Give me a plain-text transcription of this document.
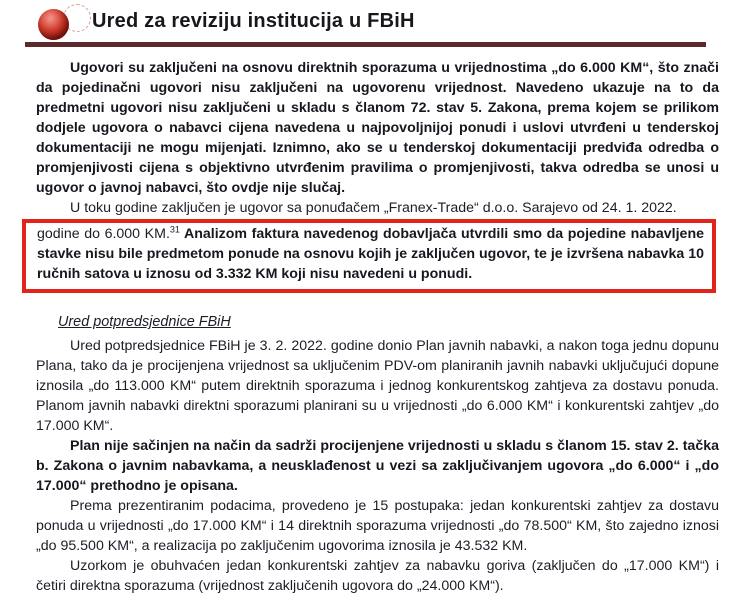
Ured za reviziju institucija u FBiH

Ugovori su zaključeni na osnovu direktnih sporazuma u vrijednostima „do 6.000 KM“, što znači da pojedinačni ugovori nisu zaključeni na ugovorenu vrijednost. Navedeno ukazuje na to da predmetni ugovori nisu zaključeni u skladu s članom 72. stav 5. Zakona, prema kojem se prilikom dodjele ugovora o nabavci cijena navedena u najpovoljnijoj ponudi i uslovi utvrđeni u tenderskoj dokumentaciji ne mogu mijenjati. Iznimno, ako se u tenderskoj dokumentaciji predviđa odredba o promjenjivosti cijena s objektivno utvrđenim pravilima o promjenjivosti, takva odredba se unosi u ugovor o javnoj nabavci, što ovdje nije slučaj.

U toku godine zaključen je ugovor sa ponuđačem „Franex-Trade“ d.o.o. Sarajevo od 24. 1. 2022.

godine do 6.000 KM.$^{31}$ Analizom faktura navedenog dobavljača utvrdili smo da pojedine nabavljene stavke nisu bile predmetom ponude na osnovu kojih je zaključen ugovor, te je izvršena nabavka 10 ručnih satova u iznosu od 3.332 KM koji nisu navedeni u ponudi.

Ured potpredsjednice FBiH

Ured potpredsjednice FBiH je 3. 2. 2022. godine donio Plan javnih nabavki, a nakon toga jednu dopunu Plana, tako da je procijenjena vrijednost sa uključenim PDV-om planiranih javnih nabavki uključujući dopune iznosila „do 113.000 KM“ putem direktnih sporazuma i jednog konkurentskog zahtjeva za dostavu ponuda. Planom javnih nabavki direktni sporazumi planirani su u vrijednosti „do 6.000 KM“ i konkurentski zahtjev „do 17.000 KM“.

Plan nije sačinjen na način da sadrži procijenjene vrijednosti u skladu s članom 15. stav 2. tačka b. Zakona o javnim nabavkama, a neusklađenost u vezi sa zaključivanjem ugovora „do 6.000“ i „do 17.000“ prethodno je opisana.

Prema prezentiranim podacima, provedeno je 15 postupaka: jedan konkurentski zahtjev za dostavu ponuda u vrijednosti „do 17.000 KM“ i 14 direktnih sporazuma vrijednosti „do 78.500“ KM, što zajedno iznosi „do 95.500 KM“, a realizacija po zaključenim ugovorima iznosila je 43.532 KM.

Uzorkom je obuhvaćen jedan konkurentski zahtjev za nabavku goriva (zaključen do „17.000 KM“) i četiri direktna sporazuma (vrijednost zaključenih ugovora do „24.000 KM“).
